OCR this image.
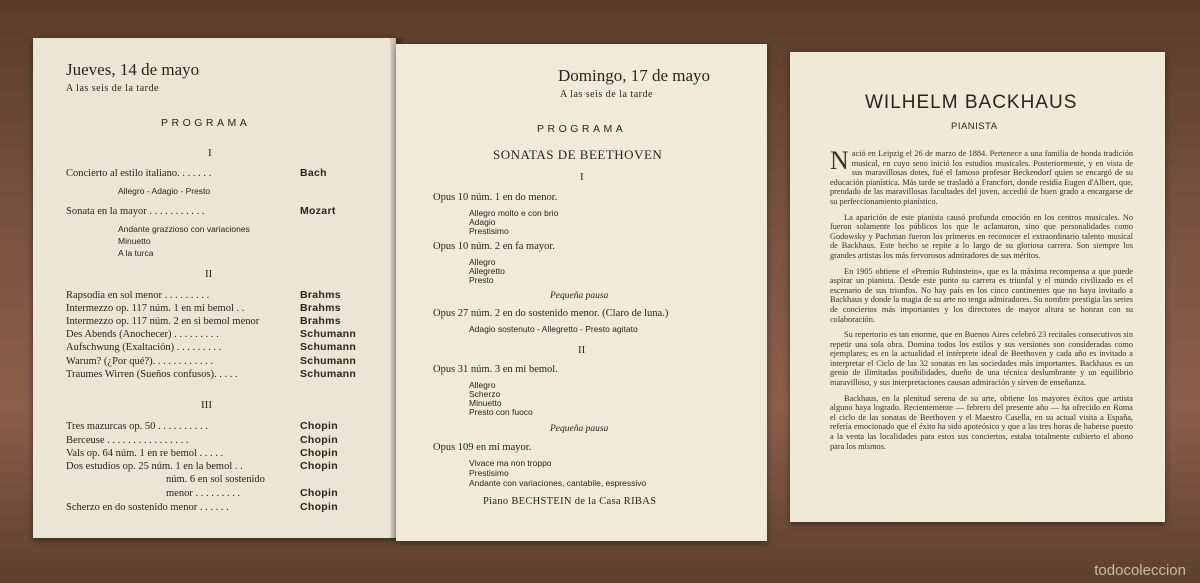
Jueves, 14 de mayo
A las seis de la tarde
PROGRAMA
I
Concierto al estilo italiano. . . . . . .	Bach
Allegro - Adagio - Presto
Sonata en la mayor . . . . . . . . . . .	Mozart
Andante grazzioso con variaciones
Minuetto
A la turca
II
Rapsodia en sol menor . . . . . . . . .	Brahms
Intermezzo op. 117 núm. 1 en mi bemol . .	Brahms
Intermezzo op. 117 núm. 2 en si bemol menor	Brahms
Des Abends (Anochecer) . . . . . . . . .	Schumann
Aufschwung (Exaltación) . . . . . . . . .	Schumann
Warum? (¿Por qué?). . . . . . . . . . . .	Schumann
Traumes Wirren (Sueños confusos). . . . .	Schumann
III
Tres mazurcas op. 50 . . . . . . . . . .	Chopin
Berceuse . . . . . . . . . . . . . . . .	Chopin
Vals op. 64 núm. 1 en re bemol . . . . .	Chopin
Dos estudios op. 25 núm. 1 en la bemol . .	Chopin
núm. 6 en sol sostenido
menor . . . . . . . . .	Chopin
Scherzo en do sostenido menor . . . . . .	Chopin
Domingo, 17 de mayo
A las seis de la tarde
PROGRAMA
SONATAS DE BEETHOVEN
I
Opus 10 núm. 1 en do menor.
Allegro molto e con brio
Adagio
Prestisimo
Opus 10 núm. 2 en fa mayor.
Allegro
Allegretto
Presto
Pequeña pausa
Opus 27 núm. 2 en do sostenido menor. (Claro de luna.)
Adagio sostenuto - Allegretto - Presto agitato
II
Opus 31 núm. 3 en mi bemol.
Allegro
Scherzo
Minuetto
Presto con fuoco
Pequeña pausa
Opus 109 en mi mayor.
Vivace ma non troppo
Prestisimo
Andante con variaciones, cantabile, espressivo
Piano BECHSTEIN de la Casa RIBAS
WILHELM BACKHAUS
PIANISTA

Nació en Leipzig el 26 de marzo de 1884. Pertenece a una familia de honda tradición musical, en cuyo seno inició los estudios musicales. Posteriormente, y en vista de sus maravillosas dotes, fué el famoso profesor Beckendorf quien se encargó de su educación pianística. Más tarde se trasladó a Francfort, donde residía Eugen d'Albert, que, prendado de las maravillosas facultades del joven, accedió de buen grado a encargarse de su perfeccionamiento pianístico.

La aparición de este pianista causó profunda emoción en los centros musicales. No fueron solamente los públicos los que le aclamaron, sino que personalidades como Godowsky y Pachman fueron los primeros en reconocer el extraordinario talento musical de Backhaus. Este hecho se repite a lo largo de su gloriosa carrera. Son siempre los grandes artistas los más fervorosos admiradores de sus méritos.

En 1905 obtiene el «Premio Rubinstein», que es la máxima recompensa a que puede aspirar un pianista. Desde este punto su carrera es triunfal y el mundo civilizado es el escenario de sus triunfos. No hay país en los cinco continentes que no haya invitado a Backhaus y donde la magia de su arte no tenga admiradores. Su nombre prestigia las series de conciertos más importantes y los directores de mayor altura se honran con su colaboración.

Su repertorio es tan enorme, que en Buenos Aires celebró 23 recitales consecutivos sin repetir una sola obra. Domina todos los estilos y sus versiones son consideradas como ejemplares; es en la actualidad el intérprete ideal de Beethoven y cada año es invitado a interpretar el Ciclo de las 32 sonatas en las sociedades más importantes. Backhaus es un genio de ilimitadas posibilidades, dueño de una técnica deslumbrante y un equilibrio maravilloso, y sus interpretaciones causan admiración y sirven de enseñanza.

Backhaus, en la plenitud serena de su arte, obtiene los mayores éxitos que artista alguno haya logrado. Recientemente — febrero del presente año — ha ofrecido en Roma el ciclo de las sonatas de Beethoven y el Maestro Casella, en su actual visita a España, refería emocionado que el éxito ha sido apoteósico y que a las tres horas de haberse puesto a la venta las localidades para estos sus conciertos, estaba totalmente cubierto el abono para los mismos.

todocoleccion
